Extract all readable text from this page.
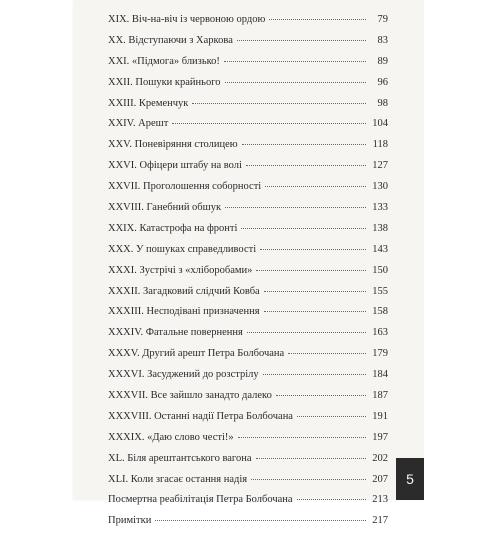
XIX. Віч-на-віч із червоною ордою	79
XX. Відступаючи з Харкова	83
XXI. «Підмога» близько!	89
XXII. Пошуки крайнього	96
XXIII. Кременчук	98
XXIV. Арешт	104
XXV. Поневіряння столицею	118
XXVI. Офіцери штабу на волі	127
XXVII. Проголошення соборності	130
XXVIII. Ганебний обшук	133
XXIX. Катастрофа на фронті	138
XXX. У пошуках справедливості	143
XXXI. Зустрічі з «хліборобами»	150
XXXII. Загадковий слідчий Ковба	155
XXXIII. Несподівані призначення	158
XXXIV. Фатальне повернення	163
XXXV. Другий арешт Петра Болбочана	179
XXXVI. Засуджений до розстрілу	184
XXXVII. Все зайшло занадто далеко	187
XXXVIII. Останні надії Петра Болбочана	191
XXXIX. «Даю слово честі!»	197
XL. Біля арештантського вагона	202
XLI. Коли згасає остання надія	207
Посмертна реабілітація Петра Болбочана	213
Примітки	217
5
